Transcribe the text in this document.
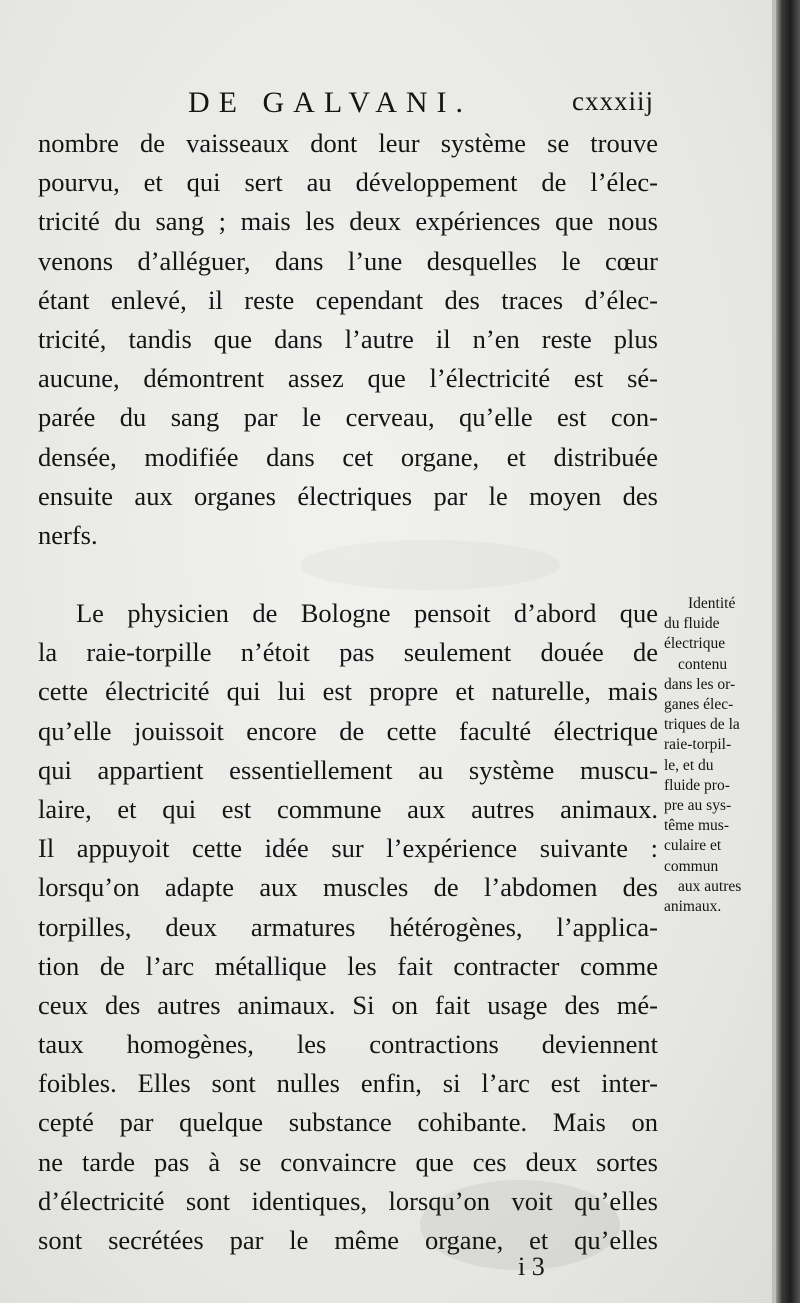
DE GALVANI.	cxxxiij
nombre de vaisseaux dont leur système se trouve
pourvu, et qui sert au développement de l’élec-
tricité du sang ; mais les deux expériences que nous
venons d’alléguer, dans l’une desquelles le cœur
étant enlevé, il reste cependant des traces d’élec-
tricité, tandis que dans l’autre il n’en reste plus
aucune, démontrent assez que l’électricité est sé-
parée du sang par le cerveau, qu’elle est con-
densée, modifiée dans cet organe, et distribuée
ensuite aux organes électriques par le moyen des
nerfs.
Le physicien de Bologne pensoit d’abord que
la raie-torpille n’étoit pas seulement douée de
cette électricité qui lui est propre et naturelle, mais
qu’elle jouissoit encore de cette faculté électrique
qui appartient essentiellement au système muscu-
laire, et qui est commune aux autres animaux.
Il appuyoit cette idée sur l’expérience suivante :
lorsqu’on adapte aux muscles de l’abdomen des
torpilles, deux armatures hétérogènes, l’applica-
tion de l’arc métallique les fait contracter comme
ceux des autres animaux. Si on fait usage des mé-
taux homogènes, les contractions deviennent
foibles. Elles sont nulles enfin, si l’arc est inter-
cepté par quelque substance cohibante. Mais on
ne tarde pas à se convaincre que ces deux sortes
d’électricité sont identiques, lorsqu’on voit qu’elles
sont secrétées par le même organe, et qu’elles
Identité
du fluide
électrique
contenu
dans les or-
ganes élec-
triques de la
raie-torpil-
le, et du
fluide pro-
pre au sys-
tême mus-
culaire et
commun
aux autres
animaux.
i 3
